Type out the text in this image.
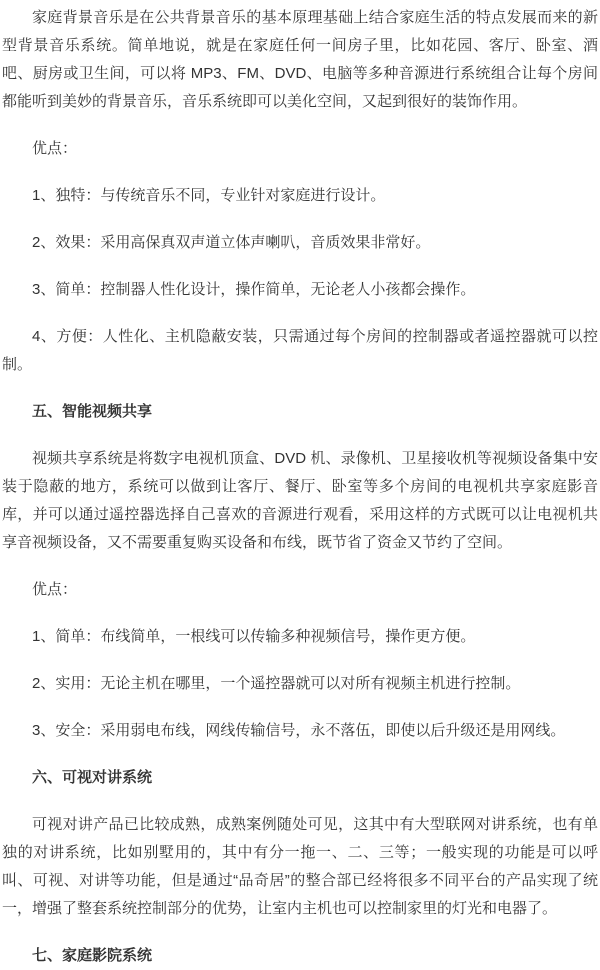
家庭背景音乐是在公共背景音乐的基本原理基础上结合家庭生活的特点发展而来的新型背景音乐系统。简单地说，就是在家庭任何一间房子里，比如花园、客厅、卧室、酒吧、厨房或卫生间，可以将 MP3、FM、DVD、电脑等多种音源进行系统组合让每个房间都能听到美妙的背景音乐，音乐系统即可以美化空间，又起到很好的装饰作用。

优点：

1、独特：与传统音乐不同，专业针对家庭进行设计。

2、效果：采用高保真双声道立体声喇叭，音质效果非常好。

3、简单：控制器人性化设计，操作简单，无论老人小孩都会操作。

4、方便：人性化、主机隐蔽安装，只需通过每个房间的控制器或者遥控器就可以控制。

五、智能视频共享

视频共享系统是将数字电视机顶盒、DVD 机、录像机、卫星接收机等视频设备集中安装于隐蔽的地方，系统可以做到让客厅、餐厅、卧室等多个房间的电视机共享家庭影音库，并可以通过遥控器选择自己喜欢的音源进行观看，采用这样的方式既可以让电视机共享音视频设备，又不需要重复购买设备和布线，既节省了资金又节约了空间。

优点：

1、简单：布线简单，一根线可以传输多种视频信号，操作更方便。

2、实用：无论主机在哪里，一个遥控器就可以对所有视频主机进行控制。

3、安全：采用弱电布线，网线传输信号，永不落伍，即使以后升级还是用网线。

六、可视对讲系统

可视对讲产品已比较成熟，成熟案例随处可见，这其中有大型联网对讲系统，也有单独的对讲系统，比如别墅用的，其中有分一拖一、二、三等；一般实现的功能是可以呼叫、可视、对讲等功能，但是通过“品奇居”的整合部已经将很多不同平台的产品实现了统一，增强了整套系统控制部分的优势，让室内主机也可以控制家里的灯光和电器了。

七、家庭影院系统
